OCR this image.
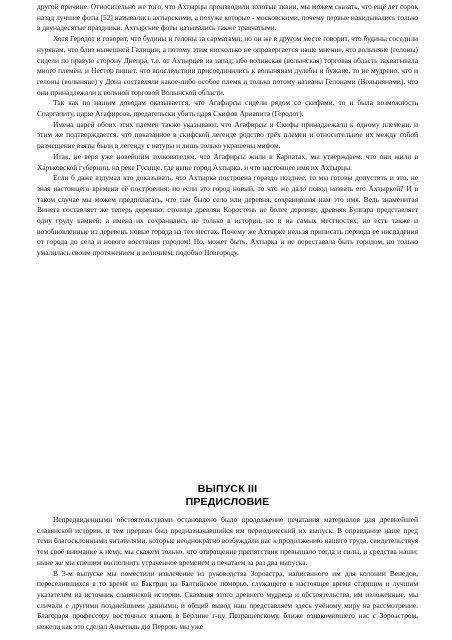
другой причине. Относительно же того, что Ахтырцы производили золотые ткани, мы можем сказать, что ещё лет сорок назад лучшие фоты [52] назывались ахтырскими, а похуже которые - московскими, почему первые накидывались только в двунадесятые праздники. Ахтырские фоты назывались также травчатыми.

Хотя Геродот и говорит, что будины и гелоны за сарматами; но он же в другом месте говорит, что будины соседили нурянам, что близ нынешней Галиции; а потому этим нисколько не опровергается наше мнение, что волыняне (гелоны) сидели по правую сторону Днепра, т.е. от Ахтырцев на запад; ибо волинская (волынская) торговая область захватывала много племён, и Нестор пишет, что впоследствии присоединились к волынянам дулебы и бужане, то не мудрено, что и гелоны (волыняне) у Дона составляли какое-либо особое племя и только потому названы Гелонами (Волынянами), что они принадлежали к вольной торговой Волынской области.

Так как по нашим доводам оказывается, что Агафирсы сидели рядом со скифами, то и была возможность Спаргапиту, царю Агафирсов, предательски убить царя Скифов Ариапита (Геродот).

Имена царей обоих этих племен также указывают, что Агафирсы и Скифы принадлежали к одному племени, и этим же подтверждается, что показанное в скифской легенде родство трёх племен и относительное их между собой размещение взяты были в легенду с натуры и лишь только украшены мифом.

Итак, не веря уже новейшим толкователям, что Агафирсы жили в Карпатах, мы утверждаем, что они жили в Харьковской губернии, на реке Гусище, где ныне город Ахтырка, и что настоящее имя их Ахтырцы.

Если б даже вздумал кто доказывать, что Ахтырка построена гораздо позднее, то мы готовы допустить и это, не зная настоящего времени её построения; но если это город новый, то что же дало повод назвать его Ахтыркой? И в таком случае мы можем предполагать, что там было село или деревня, сохранившая нам это имя. Ведь знаменитая Винета составляет же теперь деревню; столица древлян Коростень не более деревни; древняя Булгара представляет одну груду камней; а имена их сохранились не только в истории, но и на самых местностях; но есть также и возобновленные из деревень новые города на тех местах. Почему же Ахтырке нельзя приписать периода ее ниспадения от города до села и нового восстания городом! Но, может быть, Ахтырка и не переставала быть городом, но только умалилась своим протяжением и величием, подобно Новгороду.

ВЫПУСК III
ПРЕДИСЛОВИЕ

Непредвиденными обстоятельствами остановлено было продолжение печатания материалов для древнейшей славянской истории, и тем прерван был предназначавшийся им периодический их выпуск. В оправдание наше пред теми благосклонными читателями, которые неоднократно возбуждали нас к продолжению нашего труда, свидетельствуя тем своё внимание к нему, мы скажем только, что отвращение препятствия превышало тогда и силы, и средства наши; ныне же мы спешим восполнить утраченное временем и печатаем за раз два выпуска.

В 3-м выпуске мы поместили извлечение из руководства Зороастра, написанного им для колонии Венедов, переселившихся в то время из Бактрии на Балтийское поморье, служащего в настоящее время старшим и лучшим указателем на источник славянской истории. Сказания этого древнего мудреца и обстоятельства, им изложенные, мы сличали с другими позднейшими данными, и общий вывод наш представляем здесь учёному миру на рассмотрение. Благодаря профессору восточных языков в Берлине г-ну Петрашевскому, ближе ознакомившего нас с Зороастром, нежели как это сделал Анкетиль дю Перрон, мы уже
